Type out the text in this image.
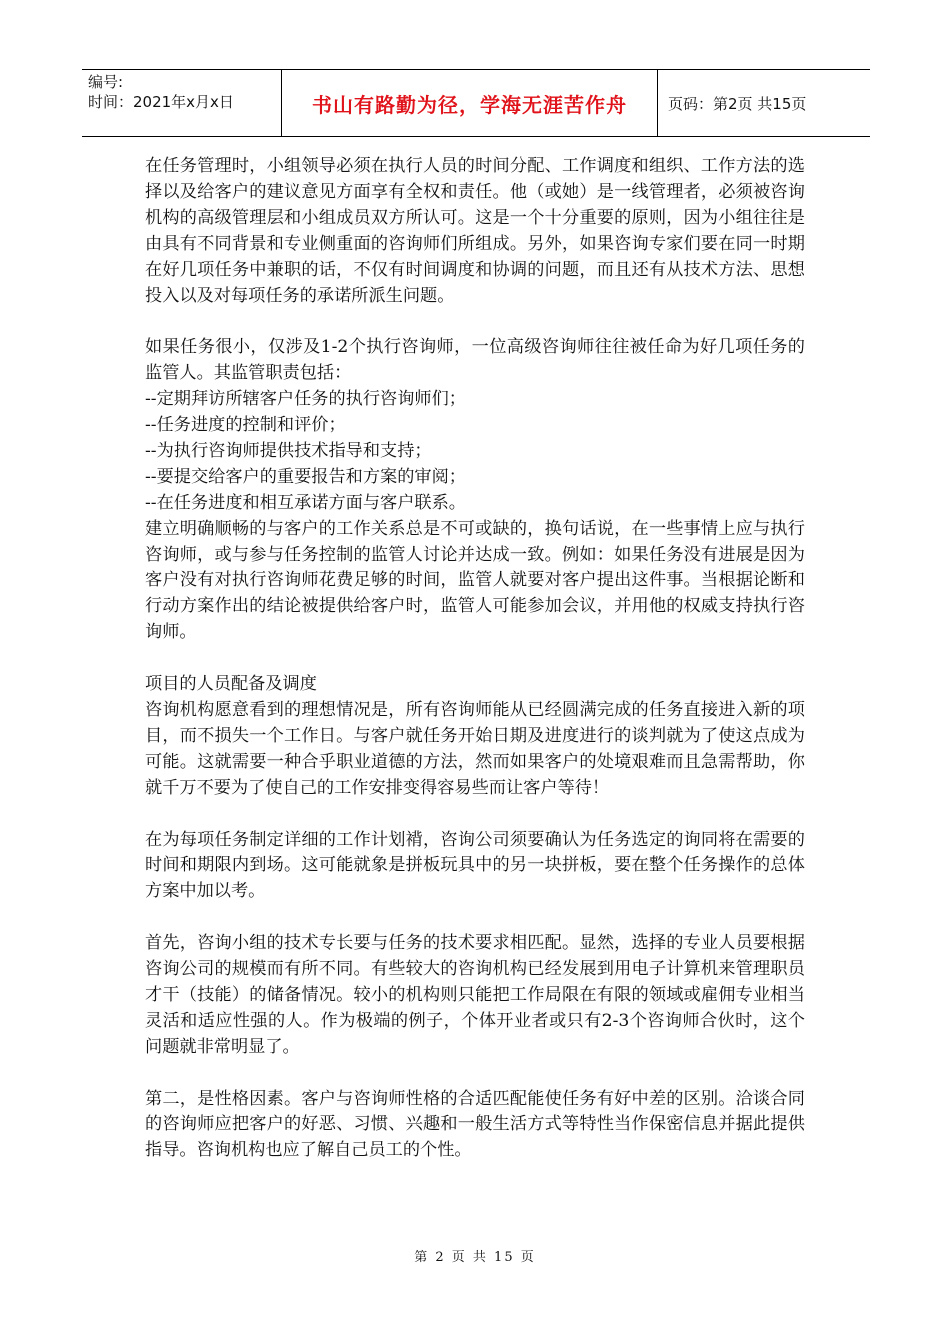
编号:
时间：2021年x月x日	书山有路勤为径，学海无涯苦作舟	页码：第2页 共15页

在任务管理时，小组领导必须在执行人员的时间分配、工作调度和组织、工作方法的选择以及给客户的建议意见方面享有全权和责任。他（或她）是一线管理者，必须被咨询机构的高级管理层和小组成员双方所认可。这是一个十分重要的原则，因为小组往往是由具有不同背景和专业侧重面的咨询师们所组成。另外，如果咨询专家们要在同一时期在好几项任务中兼职的话，不仅有时间调度和协调的问题，而且还有从技术方法、思想投入以及对每项任务的承诺所派生问题。

如果任务很小，仅涉及1-2个执行咨询师，一位高级咨询师往往被任命为好几项任务的监管人。其监管职责包括：

--定期拜访所辖客户任务的执行咨询师们；

--任务进度的控制和评价；

--为执行咨询师提供技术指导和支持；

--要提交给客户的重要报告和方案的审阅；

--在任务进度和相互承诺方面与客户联系。

建立明确顺畅的与客户的工作关系总是不可或缺的，换句话说，在一些事情上应与执行咨询师，或与参与任务控制的监管人讨论并达成一致。例如：如果任务没有进展是因为客户没有对执行咨询师花费足够的时间，监管人就要对客户提出这件事。当根据论断和行动方案作出的结论被提供给客户时，监管人可能参加会议，并用他的权威支持执行咨询师。

项目的人员配备及调度

咨询机构愿意看到的理想情况是，所有咨询师能从已经圆满完成的任务直接进入新的项目，而不损失一个工作日。与客户就任务开始日期及进度进行的谈判就为了使这点成为可能。这就需要一种合乎职业道德的方法，然而如果客户的处境艰难而且急需帮助，你就千万不要为了使自己的工作安排变得容易些而让客户等待！

在为每项任务制定详细的工作计划褙，咨询公司须要确认为任务选定的询同将在需要的时间和期限内到场。这可能就象是拼板玩具中的另一块拼板，要在整个任务操作的总体方案中加以考。

首先，咨询小组的技术专长要与任务的技术要求相匹配。显然，选择的专业人员要根据咨询公司的规模而有所不同。有些较大的咨询机构已经发展到用电子计算机来管理职员才干（技能）的储备情况。较小的机构则只能把工作局限在有限的领域或雇佣专业相当灵活和适应性强的人。作为极端的例子，个体开业者或只有2-3个咨询师合伙时，这个问题就非常明显了。

第二，是性格因素。客户与咨询师性格的合适匹配能使任务有好中差的区别。洽谈合同的咨询师应把客户的好恶、习惯、兴趣和一般生活方式等特性当作保密信息并据此提供指导。咨询机构也应了解自己员工的个性。

第 2 页 共 15 页
